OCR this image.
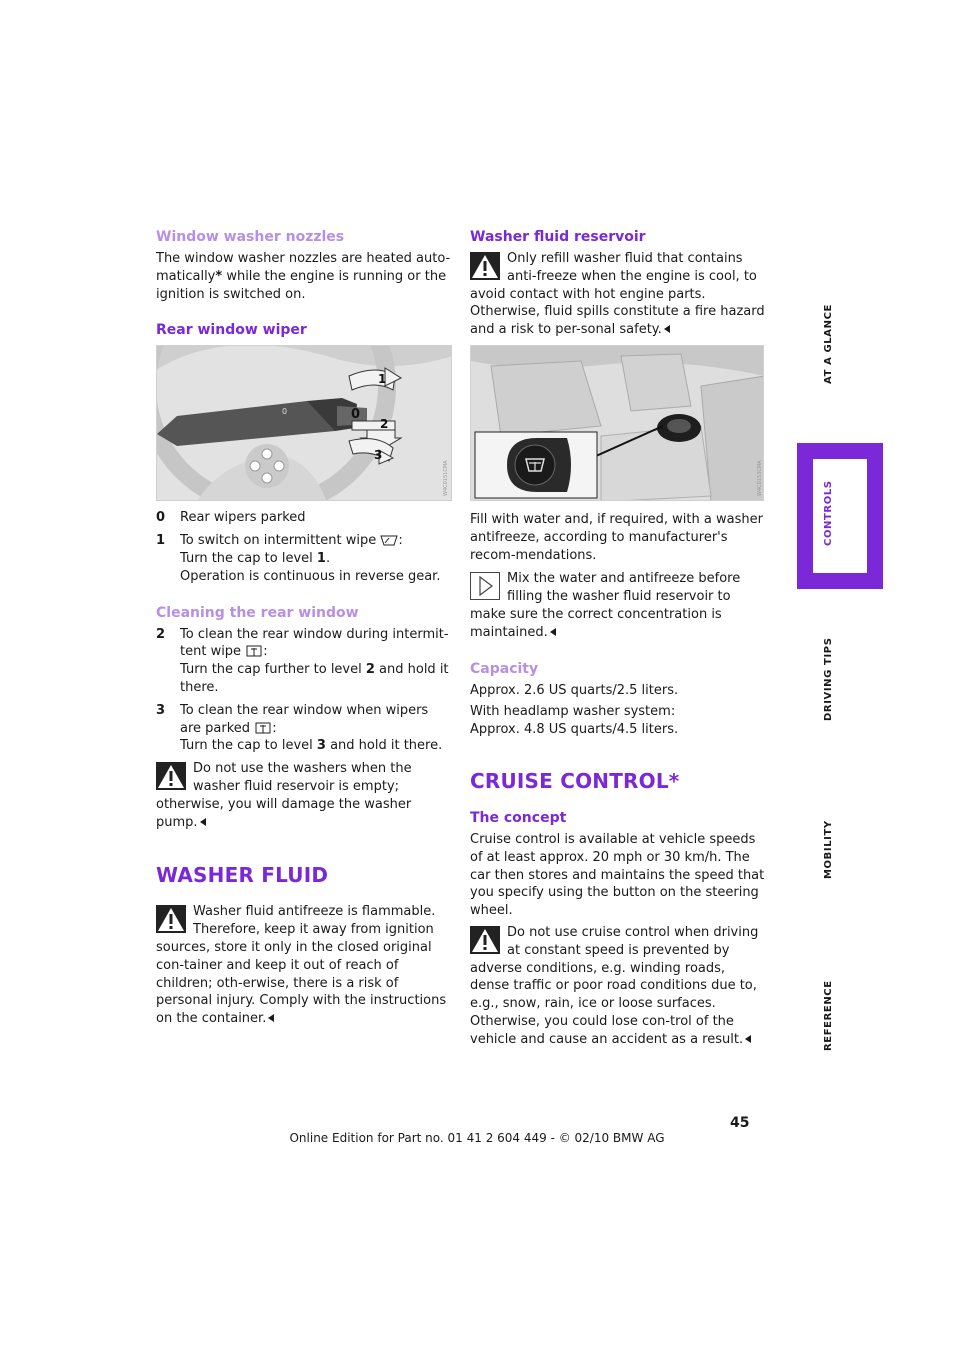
Window washer nozzles

The window washer nozzles are heated auto-matically* while the engine is running or the ignition is switched on.

Rear window wiper
0
1
0
2
3
W4C0151CMA
0 Rear wipers parked
1 To switch on intermittent wipe :
Turn the cap to level 1.
Operation is continuous in reverse gear.
Cleaning the rear window
2 To clean the rear window during intermit-tent wipe :
Turn the cap further to level 2 and hold it there.
3 To clean the rear window when wipers are parked :
Turn the cap to level 3 and hold it there.
Do not use the washers when the washer fluid reservoir is empty; otherwise, you will damage the washer pump.
WASHER FLUID
Washer fluid antifreeze is flammable. Therefore, keep it away from ignition sources, store it only in the closed original con-tainer and keep it out of reach of children; oth-erwise, there is a risk of personal injury. Comply with the instructions on the container.
Washer fluid reservoir
Only refill washer fluid that contains anti-freeze when the engine is cool, to avoid contact with hot engine parts. Otherwise, fluid spills constitute a fire hazard and a risk to per-sonal safety.
W4C0153CMA

Fill with water and, if required, with a washer antifreeze, according to manufacturer's recom-mendations.

Mix the water and antifreeze before filling the washer fluid reservoir to make sure the correct concentration is maintained.
Capacity

Approx. 2.6 US quarts/2.5 liters.

With headlamp washer system:

Approx. 4.8 US quarts/4.5 liters.

CRUISE CONTROL*
The concept

Cruise control is available at vehicle speeds of at least approx. 20 mph or 30 km/h. The car then stores and maintains the speed that you specify using the button on the steering wheel.

Do not use cruise control when driving at constant speed is prevented by adverse conditions, e.g. winding roads, dense traffic or poor road conditions due to, e.g., snow, rain, ice or loose surfaces. Otherwise, you could lose con-trol of the vehicle and cause an accident as a result.
AT A GLANCE
CONTROLS
DRIVING TIPS
MOBILITY
REFERENCE
45
Online Edition for Part no. 01 41 2 604 449 - © 02/10 BMW AG
